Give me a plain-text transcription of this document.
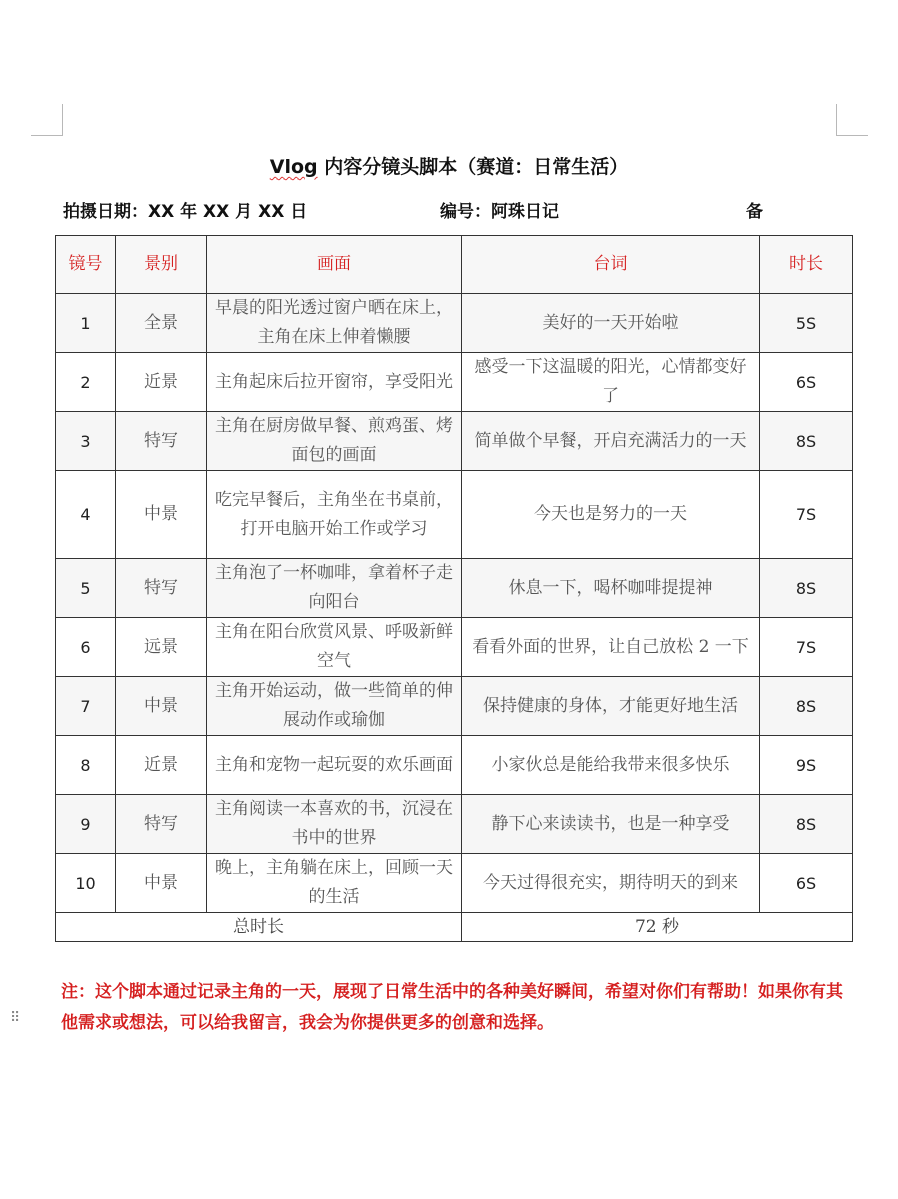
Vlog 内容分镜头脚本（赛道：日常生活）
拍摄日期：XX 年 XX 月 XX 日	编号：阿珠日记	备
镜号	景别	画面	台词	时长
1	全景	早晨的阳光透过窗户晒在床上，主角在床上伸着懒腰	美好的一天开始啦	5S
2	近景	主角起床后拉开窗帘，享受阳光	感受一下这温暖的阳光，心情都变好了	6S
3	特写	主角在厨房做早餐、煎鸡蛋、烤面包的画面	简单做个早餐，开启充满活力的一天	8S
4	中景	吃完早餐后，主角坐在书桌前，打开电脑开始工作或学习	今天也是努力的一天	7S
5	特写	主角泡了一杯咖啡，拿着杯子走向阳台	休息一下，喝杯咖啡提提神	8S
6	远景	主角在阳台欣赏风景、呼吸新鲜空气	看看外面的世界，让自己放松 2 一下	7S
7	中景	主角开始运动，做一些简单的伸展动作或瑜伽	保持健康的身体，才能更好地生活	8S
8	近景	主角和宠物一起玩耍的欢乐画面	小家伙总是能给我带来很多快乐	9S
9	特写	主角阅读一本喜欢的书，沉浸在书中的世界	静下心来读读书，也是一种享受	8S
10	中景	晚上，主角躺在床上，回顾一天的生活	今天过得很充实，期待明天的到来	6S
总时长			72 秒	
⠿
注：这个脚本通过记录主角的一天，展现了日常生活中的各种美好瞬间，希望对你们有帮助！如果你有其他需求或想法，可以给我留言，我会为你提供更多的创意和选择。
